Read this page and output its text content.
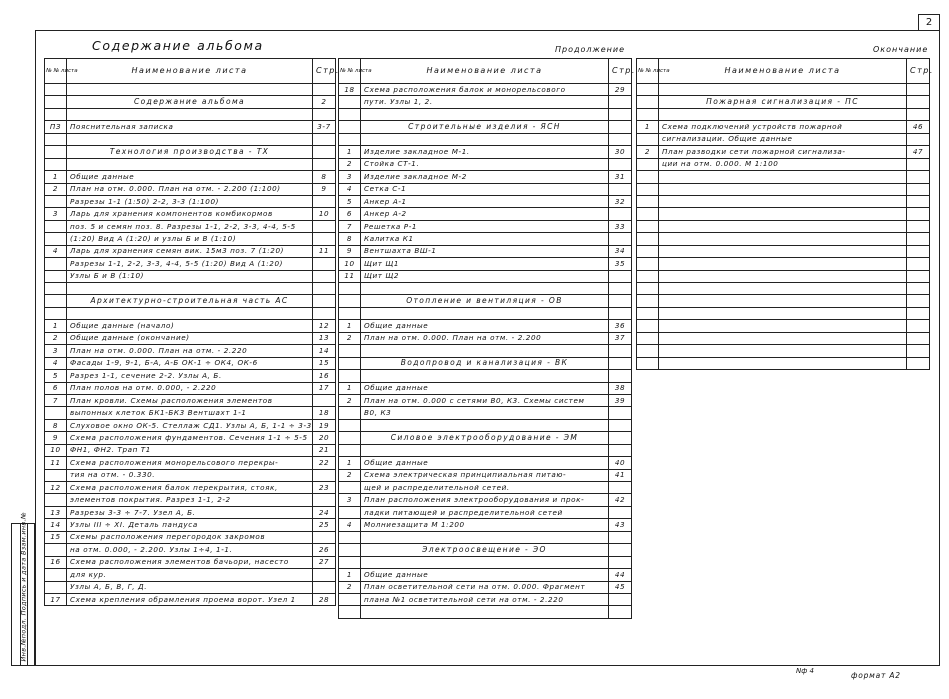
2
Инв.№подл. Подпись и дата Взам.инв.№
Содержание альбома	Продолжение	Окончание
№ № листа	Наименование листа	Стр.

	Содержание альбома	2

ПЗ	Пояснительная записка	3-7

	Технология производства - ТХ	

1	Общие данные	8
2	План на отм. 0.000. План на отм. - 2.200 (1:100)	9
	Разрезы 1-1 (1:50) 2-2, 3-3 (1:100)	
3	Ларь для хранения компонентов комбикормов	10
	поз. 5 и семян поз. 8. Разрезы 1-1, 2-2, 3-3, 4-4, 5-5	
	(1:20) Вид А (1:20) и узлы Б и В (1:10)	
4	Ларь для хранения семян вик. 15м3 поз. 7 (1:20)	11
	Разрезы 1-1, 2-2, 3-3, 4-4, 5-5 (1:20) Вид А (1:20)	
	Узлы Б и В (1:10)	

	Архитектурно-строительная часть АС	

1	Общие данные (начало)	12
2	Общие данные (окончание)	13
3	План на отм. 0.000. План на отм. - 2.220	14
4	Фасады 1-9, 9-1, Б-А, А-Б ОК-1 ÷ ОК4, ОК-6	15
5	Разрез 1-1, сечение 2-2. Узлы А, Б.	16
6	План полов на отм. 0.000, - 2.220	17
7	План кровли. Схемы расположения элементов	
	выпонных клеток БК1-БК3 Вентшахт 1-1	18
8	Слуховое окно ОК-5. Стеллаж СД1. Узлы А, Б, 1-1 ÷ 3-3	19
9	Схема расположения фундаментов. Сечения 1-1 ÷ 5-5	20
10	ФН1, ФН2. Трап Т1	21
11	Схема расположения монорельсового перекры-	22
	тия на отм. - 0.330.	
12	Схема расположения балок перекрытия, стояк,	23
	элементов покрытия. Разрез 1-1, 2-2	
13	Разрезы 3-3 ÷ 7-7. Узел А, Б.	24
14	Узлы III ÷ XI. Деталь пандуса	25
15	Схемы расположения перегородок закромов	
	на отм. 0.000, - 2.200. Узлы 1÷4, 1-1.	26
16	Схема расположения элементов бачьори, насесто	27
	для кур.	
	Узлы А, Б, В, Г, Д.	
17	Схема крепления обрамления проема ворот. Узел 1	28
№ № листа	Наименование листа	Стр.
18	Схема расположения балок и монорельсового	29
	пути. Узлы 1, 2.	

	Строительные изделия - ЯСН	

1	Изделие закладное М-1.	30
2	Стойка СТ-1.	
3	Изделие закладное М-2	31
4	Сетка С-1	
5	Анкер А-1	32
6	Анкер А-2	
7	Решетка Р-1	33
8	Калитка К1	
9	Вентшахта ВШ-1	34
10	Щит Щ1	35
11	Щит Щ2	

	Отопление и вентиляция - ОВ	

1	Общие данные	36
2	План на отм. 0.000. План на отм. - 2.200	37

	Водопровод и канализация - ВК	

1	Общие данные	38
2	План на отм. 0.000 с сетями В0, К3. Схемы систем	39
	В0, К3	

	Силовое электрооборудование - ЭМ	

1	Общие данные	40
2	Схема электрическая принципиальная питаю-	41
	щей и распределительной сетей.	
3	План расположения электрооборудования и прок-	42
	ладки питающей и распределительной сетей	
4	Молниезащита М 1:200	43

	Электроосвещение - ЭО	

1	Общие данные	44
2	План осветительной сети на отм. 0.000. Фрагмент	45
	плана №1 осветительной сети на отм. - 2.220	

№ № листа	Наименование листа	Стр.

	Пожарная сигнализация - ПС	

1	Схема подключений устройств пожарной	46
	сигнализации. Общие данные	
2	План разводки сети пожарной сигнализа-	47
	ции на отм. 0.000. М 1:100	

Nф 4	формат А2
